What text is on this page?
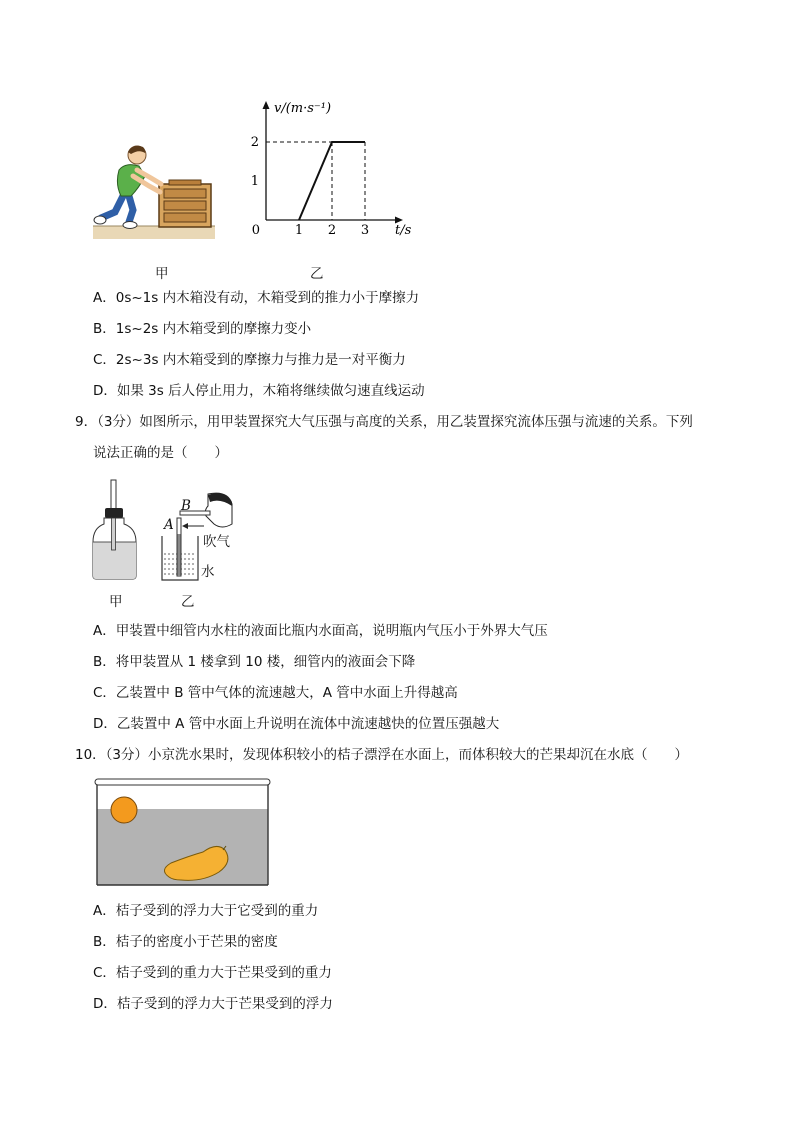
v/(m·s⁻¹)
t/s
0	1 2 3
1
2
甲	乙
A．0s~1s 内木箱没有动，木箱受到的推力小于摩擦力
B．1s~2s 内木箱受到的摩擦力变小
C．2s~3s 内木箱受到的摩擦力与推力是一对平衡力
D．如果 3s 后人停止用力，木箱将继续做匀速直线运动
9．（3分）如图所示，用甲装置探究大气压强与高度的关系，用乙装置探究流体压强与流速的关系。下列
说法正确的是（　　）
B
A
吹气
水
甲	乙
A．甲装置中细管内水柱的液面比瓶内水面高，说明瓶内气压小于外界大气压
B．将甲装置从 1 楼拿到 10 楼，细管内的液面会下降
C．乙装置中 B 管中气体的流速越大，A 管中水面上升得越高
D．乙装置中 A 管中水面上升说明在流体中流速越快的位置压强越大
10．（3分）小京洗水果时，发现体积较小的桔子漂浮在水面上，而体积较大的芒果却沉在水底（　　）
A．桔子受到的浮力大于它受到的重力
B．桔子的密度小于芒果的密度
C．桔子受到的重力大于芒果受到的重力
D．桔子受到的浮力大于芒果受到的浮力
